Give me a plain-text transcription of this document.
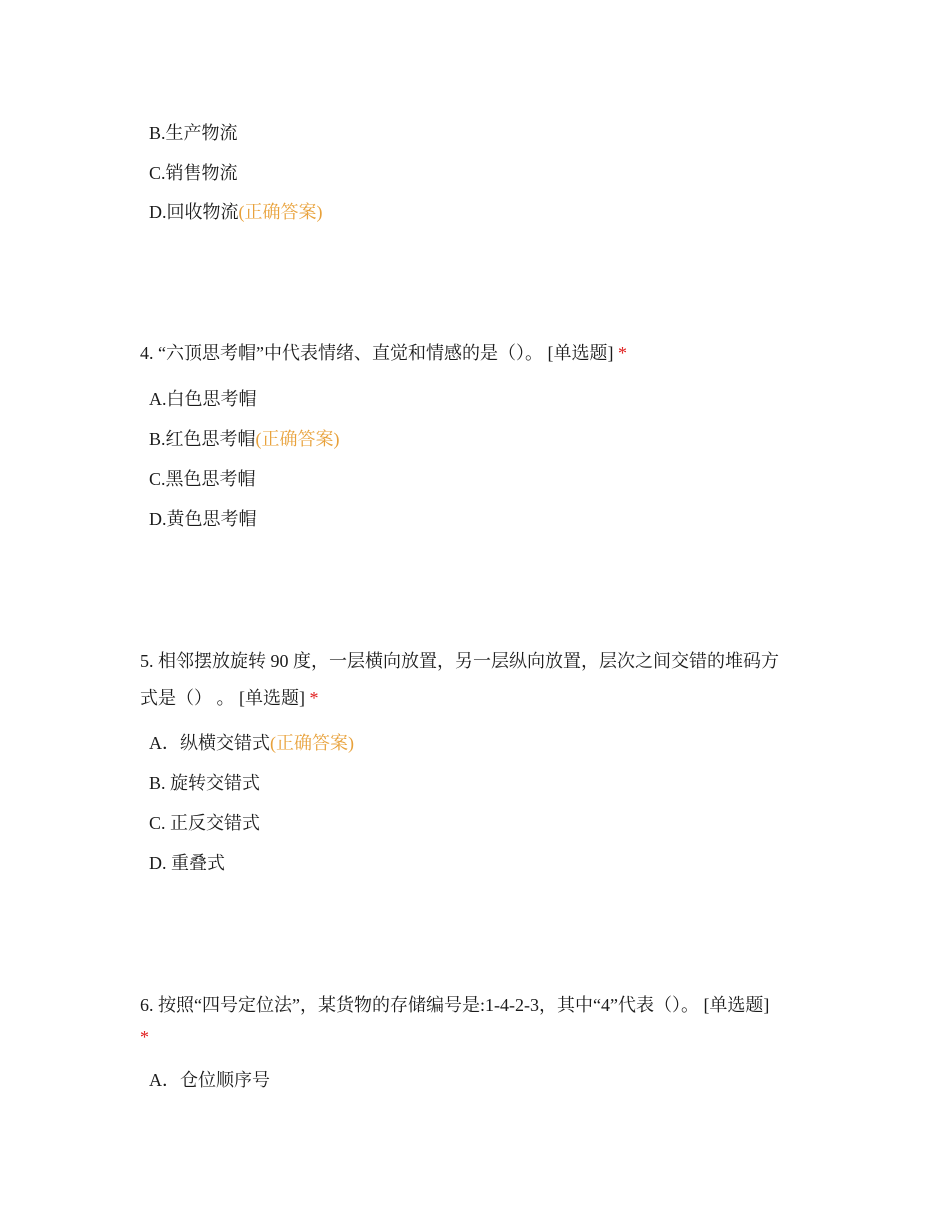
B.生产物流
C.销售物流
D.回收物流(正确答案)
4. “六顶思考帽”中代表情绪、直觉和情感的是（）。 [单选题] *
A.白色思考帽
B.红色思考帽(正确答案)
C.黑色思考帽
D.黄色思考帽
5. 相邻摆放旋转 90 度，一层横向放置，另一层纵向放置，层次之间交错的堆码方
式是（） 。 [单选题] *
A．纵横交错式(正确答案)
B. 旋转交错式
C. 正反交错式
D. 重叠式
6. 按照“四号定位法”，某货物的存储编号是:1-4-2-3，其中“4”代表（）。 [单选题]
*
A．仓位顺序号
